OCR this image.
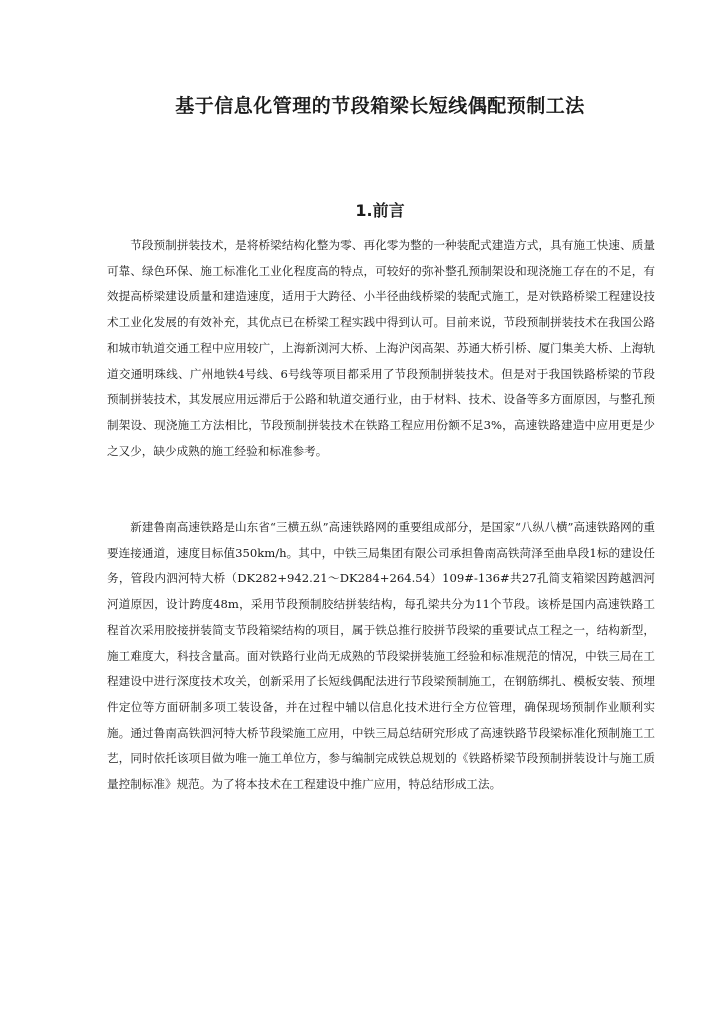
基于信息化管理的节段箱梁长短线偶配预制工法
1.前言

节段预制拼装技术，是将桥梁结构化整为零、再化零为整的一种装配式建造方式，具有施工快速、质量可靠、绿色环保、施工标准化工业化程度高的特点，可较好的弥补整孔预制架设和现浇施工存在的不足，有效提高桥梁建设质量和建造速度，适用于大跨径、小半径曲线桥梁的装配式施工，是对铁路桥梁工程建设技术工业化发展的有效补充，其优点已在桥梁工程实践中得到认可。目前来说，节段预制拼装技术在我国公路和城市轨道交通工程中应用较广，上海新浏河大桥、上海沪闵高架、苏通大桥引桥、厦门集美大桥、上海轨道交通明珠线、广州地铁4号线、6号线等项目都采用了节段预制拼装技术。但是对于我国铁路桥梁的节段预制拼装技术，其发展应用远滞后于公路和轨道交通行业，由于材料、技术、设备等多方面原因，与整孔预制架设、现浇施工方法相比，节段预制拼装技术在铁路工程应用份额不足3%，高速铁路建造中应用更是少之又少，缺少成熟的施工经验和标准参考。

新建鲁南高速铁路是山东省“三横五纵”高速铁路网的重要组成部分，是国家“八纵八横”高速铁路网的重要连接通道，速度目标值350km/h。其中，中铁三局集团有限公司承担鲁南高铁菏泽至曲阜段1标的建设任务，管段内泗河特大桥（DK282+942.21～DK284+264.54）109#-136#共27孔简支箱梁因跨越泗河河道原因，设计跨度48m，采用节段预制胶结拼装结构，每孔梁共分为11个节段。该桥是国内高速铁路工程首次采用胶接拼装简支节段箱梁结构的项目，属于铁总推行胶拼节段梁的重要试点工程之一，结构新型，施工难度大，科技含量高。面对铁路行业尚无成熟的节段梁拼装施工经验和标准规范的情况，中铁三局在工程建设中进行深度技术攻关，创新采用了长短线偶配法进行节段梁预制施工，在钢筋绑扎、模板安装、预埋件定位等方面研制多项工装设备，并在过程中辅以信息化技术进行全方位管理，确保现场预制作业顺利实施。通过鲁南高铁泗河特大桥节段梁施工应用，中铁三局总结研究形成了高速铁路节段梁标准化预制施工工艺，同时依托该项目做为唯一施工单位方，参与编制完成铁总规划的《铁路桥梁节段预制拼装设计与施工质量控制标准》规范。为了将本技术在工程建设中推广应用，特总结形成工法。
